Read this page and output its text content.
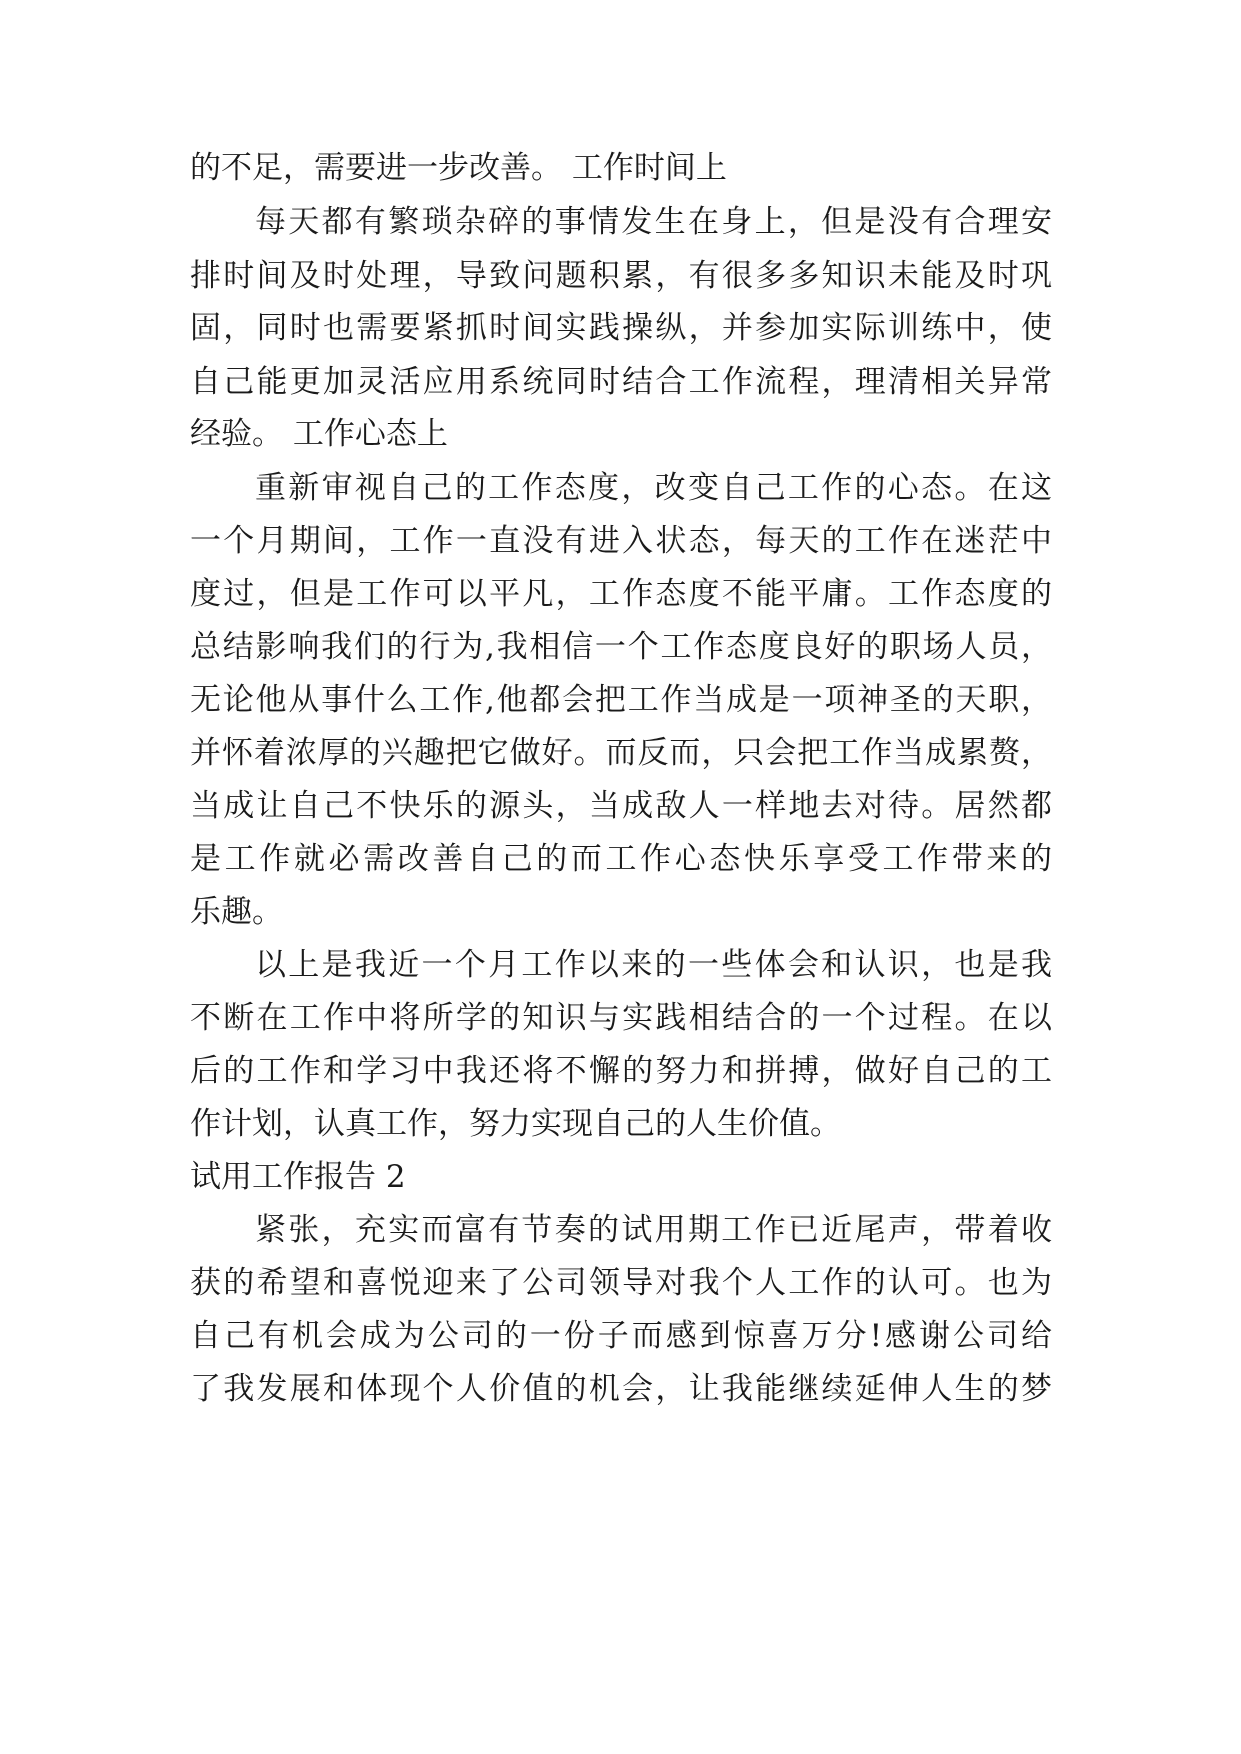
的不足，需要进一步改善。 工作时间上
每天都有繁琐杂碎的事情发生在身上，但是没有合理安
排时间及时处理，导致问题积累，有很多多知识未能及时巩
固，同时也需要紧抓时间实践操纵，并参加实际训练中，使
自己能更加灵活应用系统同时结合工作流程，理清相关异常
经验。 工作心态上
重新审视自己的工作态度，改变自己工作的心态。在这
一个月期间，工作一直没有进入状态，每天的工作在迷茫中
度过，但是工作可以平凡，工作态度不能平庸。工作态度的
总结影响我们的行为,我相信一个工作态度良好的职场人员，
无论他从事什么工作,他都会把工作当成是一项神圣的天职，
并怀着浓厚的兴趣把它做好。而反而，只会把工作当成累赘，
当成让自己不快乐的源头，当成敌人一样地去对待。居然都
是工作就必需改善自己的而工作心态快乐享受工作带来的
乐趣。
以上是我近一个月工作以来的一些体会和认识，也是我
不断在工作中将所学的知识与实践相结合的一个过程。在以
后的工作和学习中我还将不懈的努力和拼搏，做好自己的工
作计划，认真工作，努力实现自己的人生价值。
试用工作报告 2
紧张，充实而富有节奏的试用期工作已近尾声，带着收
获的希望和喜悦迎来了公司领导对我个人工作的认可。也为
自己有机会成为公司的一份子而感到惊喜万分!感谢公司给
了我发展和体现个人价值的机会，让我能继续延伸人生的梦
